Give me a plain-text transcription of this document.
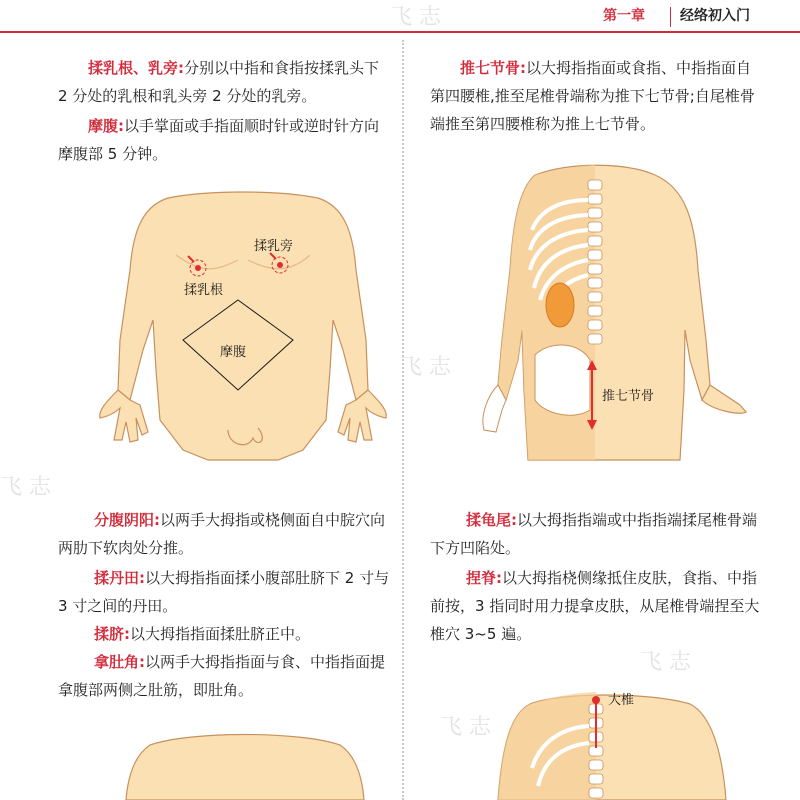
第一章	经络初入门
飞 志
飞 志
飞 志
飞 志
飞 志

揉乳根、乳旁:分别以中指和食指按揉乳头下 2 分处的乳根和乳头旁 2 分处的乳旁。

摩腹:以手掌面或手指面顺时针或逆时针方向摩腹部 5 分钟。

揉乳旁
揉乳根
摩腹

分腹阴阳:以两手大拇指或桡侧面自中脘穴向两肋下软肉处分推。

揉丹田:以大拇指指面揉小腹部肚脐下 2 寸与 3 寸之间的丹田。

揉脐:以大拇指指面揉肚脐正中。

拿肚角:以两手大拇指指面与食、中指指面提拿腹部两侧之肚筋，即肚角。

推七节骨:以大拇指指面或食指、中指指面自第四腰椎,推至尾椎骨端称为推下七节骨;自尾椎骨端推至第四腰椎称为推上七节骨。

推七节骨

揉龟尾:以大拇指指端或中指指端揉尾椎骨端下方凹陷处。

捏脊:以大拇指桡侧缘抵住皮肤，食指、中指前按，3 指同时用力提拿皮肤，从尾椎骨端捏至大椎穴 3~5 遍。

大椎
